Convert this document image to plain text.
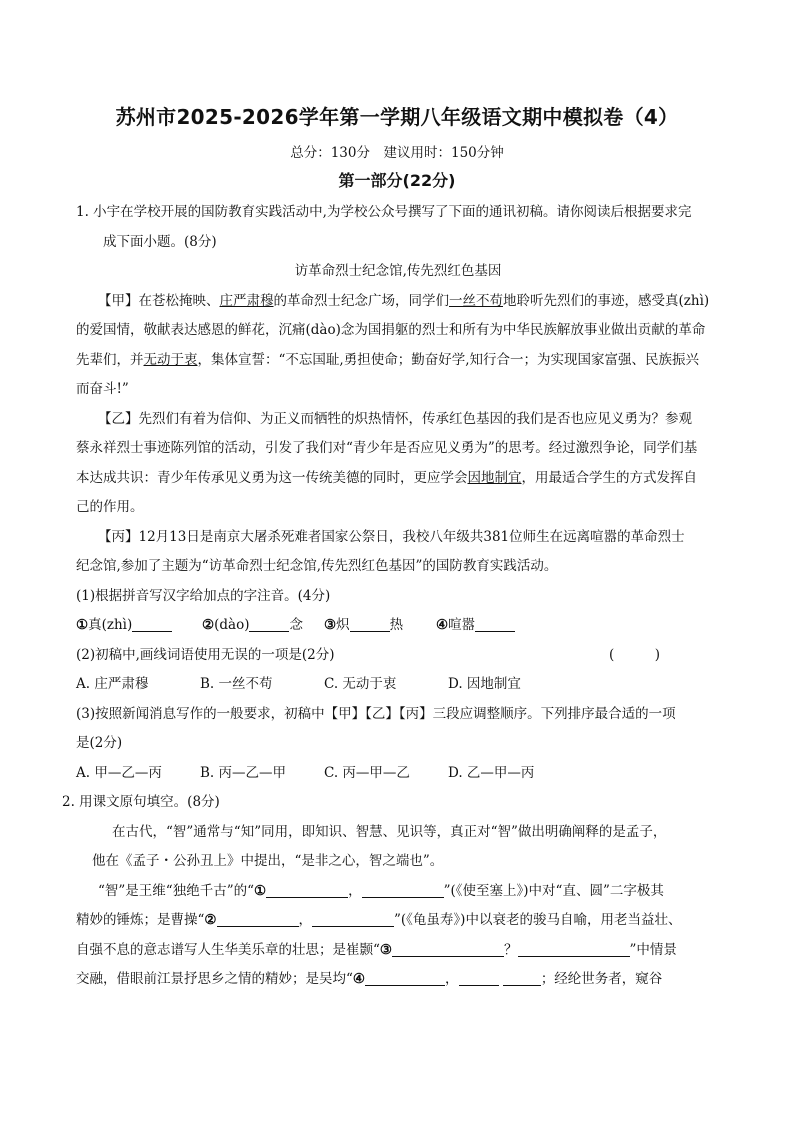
苏州市2025-2026学年第一学期八年级语文期中模拟卷（4）
总分：130分　建议用时：150分钟
第一部分(22分)
1. 小宇在学校开展的国防教育实践活动中,为学校公众号撰写了下面的通讯初稿。请你阅读后根据要求完
成下面小题。(8分)
访革命烈士纪念馆,传先烈红色基因
【甲】在苍松掩映、庄严肃穆的革命烈士纪念广场，同学们一丝不苟地聆听先烈们的事迹，感受真(zhì)
的爱国情，敬献表达感恩的鲜花，沉痛(dào)念为国捐躯的烈士和所有为中华民族解放事业做出贡献的革命
先辈们，并无动于衷，集体宣誓：“不忘国耻,勇担使命；勤奋好学,知行合一；为实现国家富强、民族振兴
而奋斗!”
【乙】先烈们有着为信仰、为正义而牺牲的炽热情怀，传承红色基因的我们是否也应见义勇为？参观
蔡永祥烈士事迹陈列馆的活动，引发了我们对“青少年是否应见义勇为”的思考。经过激烈争论，同学们基
本达成共识：青少年传承见义勇为这一传统美德的同时，更应学会因地制宜，用最适合学生的方式发挥自
己的作用。
【丙】12月13日是南京大屠杀死难者国家公祭日，我校八年级共381位师生在远离喧嚣的革命烈士
纪念馆,参加了主题为“访革命烈士纪念馆,传先烈红色基因”的国防教育实践活动。
(1)根据拼音写汉字给加点的字注音。(4分)
①真(zhì)	②(dào)	念 ③炽	热 ④喧嚣
(2)初稿中,画线词语使用无误的一项是(2分)	(　　　)
A. 庄严肃穆	B. 一丝不苟	C. 无动于衷	D. 因地制宜
(3)按照新闻消息写作的一般要求，初稿中【甲】【乙】【丙】三段应调整顺序。下列排序最合适的一项
是(2分)
A. 甲—乙—丙	B. 丙—乙—甲	C. 丙—甲—乙	D. 乙—甲—丙
2. 用课文原句填空。(8分)
在古代，“智”通常与“知”同用，即知识、智慧、见识等，真正对“智”做出明确阐释的是孟子，
他在《孟子・公孙丑上》中提出，“是非之心，智之端也”。
“智”是王维“独绝千古”的“①	，	”(《使至塞上》)中对“直、圆”二字极其
精妙的锤炼；是曹操“②	，	”(《龟虽寿》)中以衰老的骏马自喻，用老当益壮、
自强不息的意志谱写人生华美乐章的壮思；是崔颢“③	？	”中情景
交融，借眼前江景抒思乡之情的精妙；是吴均“④	，	；经纶世务者，窥谷
